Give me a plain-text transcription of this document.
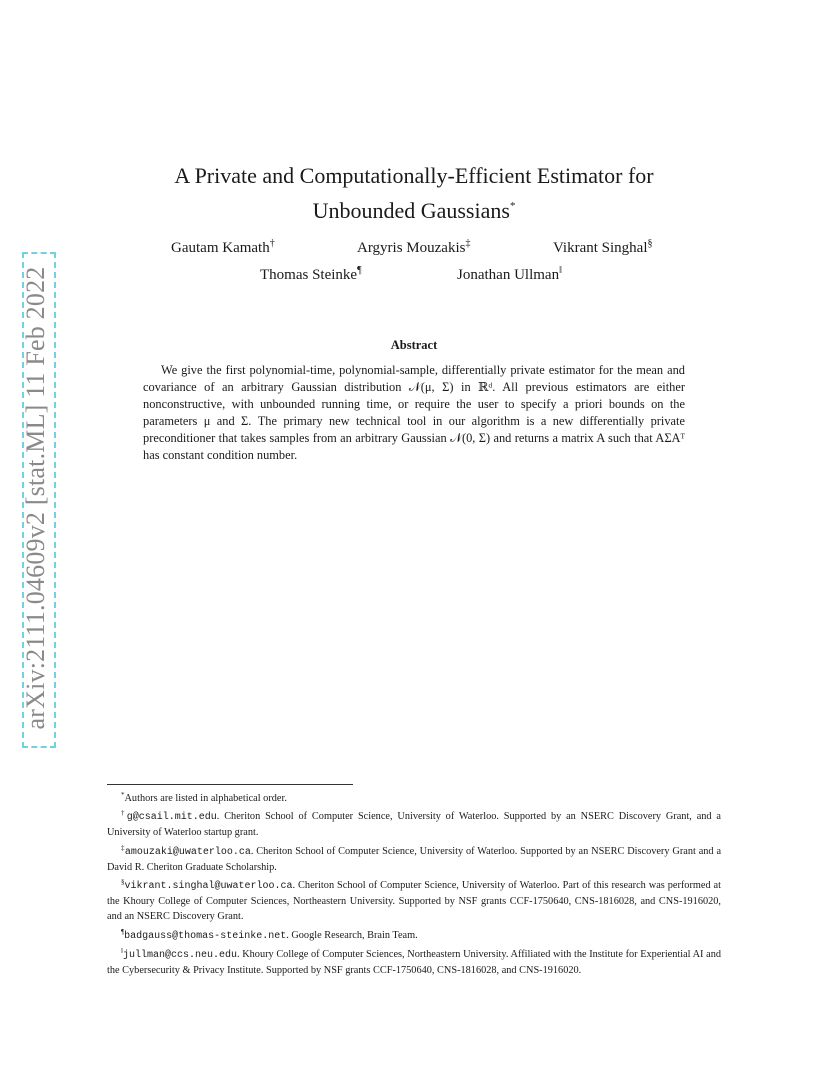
arXiv:2111.04609v2 [stat.ML] 11 Feb 2022
A Private and Computationally-Efficient Estimator for
Unbounded Gaussians*
Gautam Kamath†	Argyris Mouzakis‡	Vikrant Singhal§
Thomas Steinke¶	Jonathan Ullman‖
Abstract

We give the first polynomial-time, polynomial-sample, differentially private estimator for the mean and covariance of an arbitrary Gaussian distribution 𝒩(μ, Σ) in ℝᵈ. All previous estimators are either nonconstructive, with unbounded running time, or require the user to specify a priori bounds on the parameters μ and Σ. The primary new technical tool in our algorithm is a new differentially private preconditioner that takes samples from an arbitrary Gaussian 𝒩(0, Σ) and returns a matrix A such that AΣAᵀ has constant condition number.

*Authors are listed in alphabetical order.

†g@csail.mit.edu. Cheriton School of Computer Science, University of Waterloo. Supported by an NSERC Discovery Grant, and a University of Waterloo startup grant.

‡amouzaki@uwaterloo.ca. Cheriton School of Computer Science, University of Waterloo. Supported by an NSERC Discovery Grant and a David R. Cheriton Graduate Scholarship.

§vikrant.singhal@uwaterloo.ca. Cheriton School of Computer Science, University of Waterloo. Part of this research was performed at the Khoury College of Computer Sciences, Northeastern University. Supported by NSF grants CCF-1750640, CNS-1816028, and CNS-1916020, and an NSERC Discovery Grant.

¶badgauss@thomas-steinke.net. Google Research, Brain Team.

‖jullman@ccs.neu.edu. Khoury College of Computer Sciences, Northeastern University. Affiliated with the Institute for Experiential AI and the Cybersecurity & Privacy Institute. Supported by NSF grants CCF-1750640, CNS-1816028, and CNS-1916020.
